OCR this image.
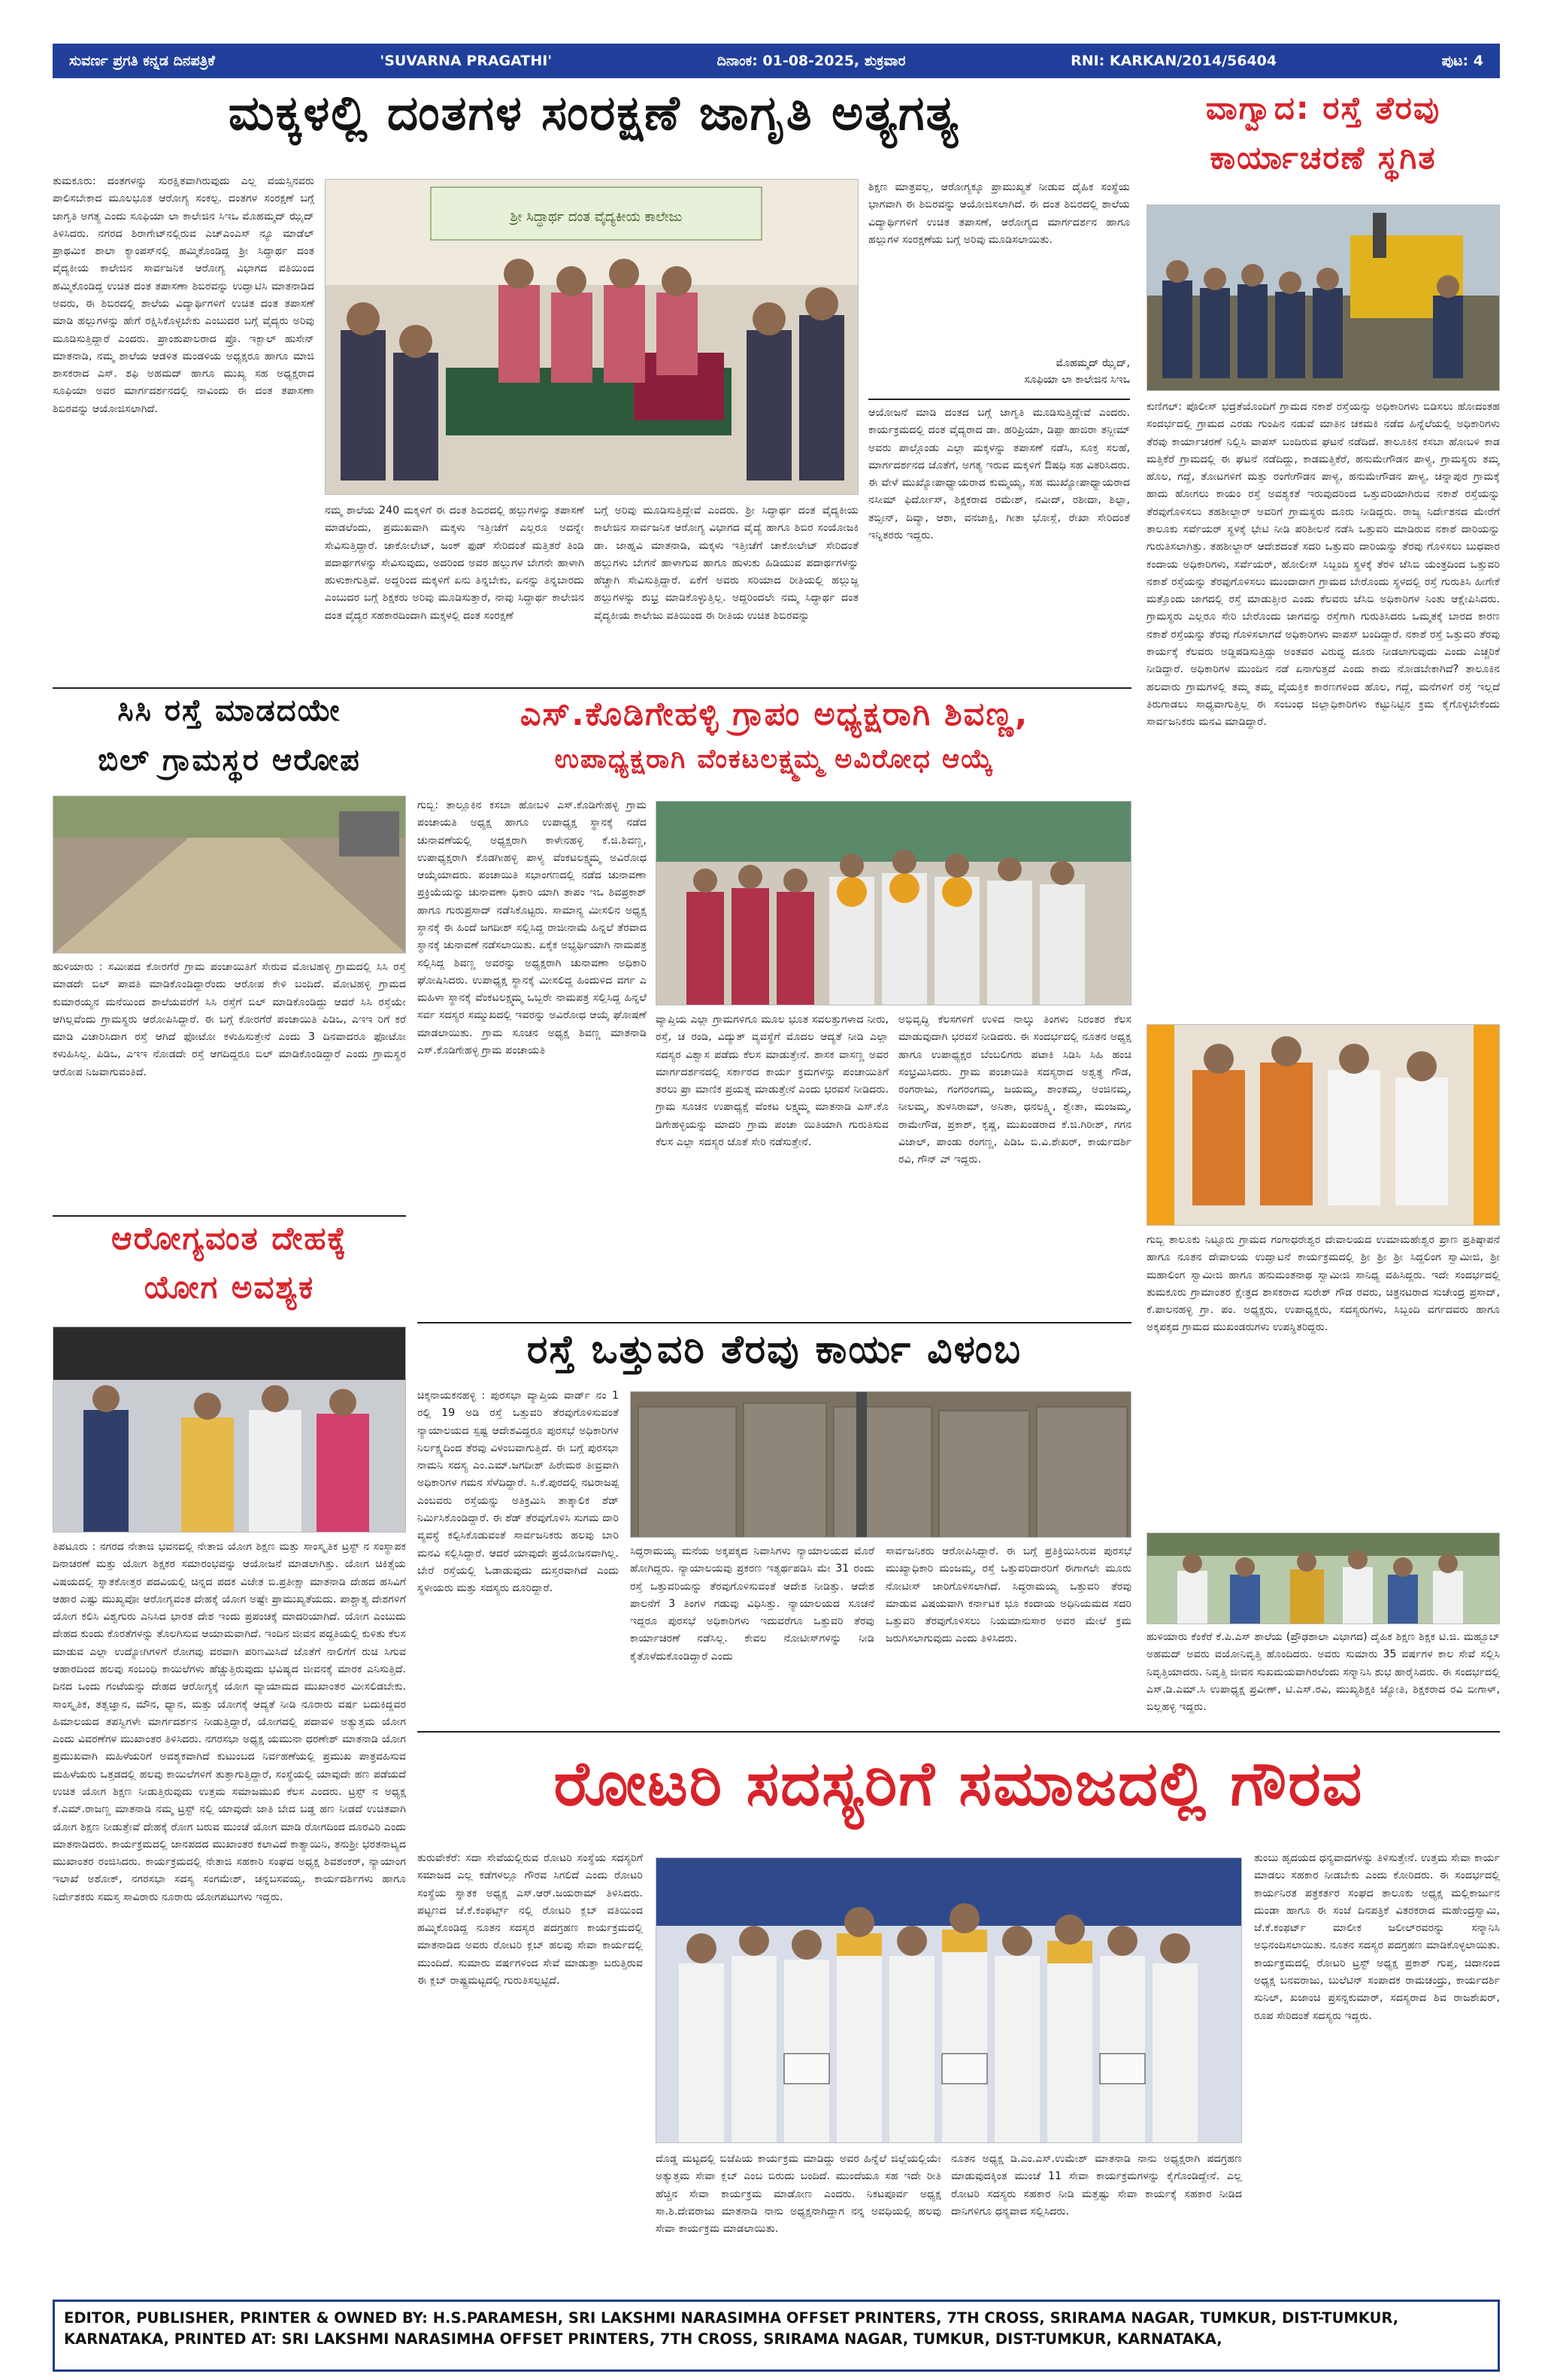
ಸುವರ್ಣ ಪ್ರಗತಿ ಕನ್ನಡ ದಿನಪತ್ರಿಕೆ	'SUVARNA PRAGATHI'	ದಿನಾಂಕ: 01-08-2025, ಶುಕ್ರವಾರ	RNI: KARKAN/2014/56404	ಪುಟ: 4
ಮಕ್ಕಳಲ್ಲಿ ದಂತಗಳ ಸಂರಕ್ಷಣೆ ಜಾಗೃತಿ ಅತ್ಯಗತ್ಯ
ತುಮಕೂರು: ದಂತಗಳನ್ನು ಸುರಕ್ಷಿತವಾಗಿರುವುದು ಎಲ್ಲ ವಯಸ್ಸಿನವರು ಪಾಲಿಸಬೇಕಾದ ಮೂಲಭೂತ ಆರೋಗ್ಯ ಸಂಕಲ್ಪ. ದಂತಗಳ ಸಂರಕ್ಷಣೆ ಬಗ್ಗೆ ಜಾಗೃತಿ ಅಗತ್ಯ ಎಂದು ಸೂಫಿಯಾ ಲಾ ಕಾಲೇಜಿನ ಸಿಇಒ ಮೊಹಮ್ಮದ್ ಝೈದ್ ತಿಳಿಸಿದರು. ನಗರದ ಶಿರಾಗೇಟ್‌ನಲ್ಲಿರುವ ಎಚ್‌ಎಂಎಸ್ ನ್ಯೂ ಮಾಡೆಲ್ ಪ್ರಾಥಮಿಕ ಶಾಲಾ ಕ್ಯಾಂಪಸ್‌ನಲ್ಲಿ ಹಮ್ಮಿಕೊಂಡಿದ್ದ ಶ್ರೀ ಸಿದ್ಧಾರ್ಥ ದಂತ ವೈದ್ಯಕೀಯ ಕಾಲೇಜಿನ ಸಾರ್ವಜನಿಕ ಆರೋಗ್ಯ ವಿಭಾಗದ ವತಿಯಿಂದ ಹಮ್ಮಿಕೊಂಡಿದ್ದ ಉಚಿತ ದಂತ ತಪಾಸಣಾ ಶಿಬಿರವನ್ನು ಉದ್ಘಾಟಿಸಿ ಮಾತನಾಡಿದ ಅವರು, ಈ ಶಿಬಿರದಲ್ಲಿ ಶಾಲೆಯ ವಿದ್ಯಾರ್ಥಿಗಳಿಗೆ ಉಚಿತ ದಂತ ತಪಾಸಣೆ ಮಾಡಿ ಹಲ್ಲುಗಳನ್ನು ಹೇಗೆ ರಕ್ಷಿಸಿಕೊಳ್ಳಬೇಕು ಎಂಬುದರ ಬಗ್ಗೆ ವೈದ್ಯರು ಅರಿವು ಮೂಡಿಸುತ್ತಿದ್ದಾರೆ ಎಂದರು. ಪ್ರಾಂಶುಪಾಲರಾದ ಪ್ರೊ. ಇಕ್ಬಾಲ್ ಹುಸೇನ್ ಮಾತನಾಡಿ, ನಮ್ಮ ಶಾಲೆಯ ಆಡಳಿತ ಮಂಡಳಿಯ ಅಧ್ಯಕ್ಷರೂ ಹಾಗೂ ಮಾಜಿ ಶಾಸಕರಾದ ಎಸ್. ಶಫಿ ಅಹಮದ್ ಹಾಗೂ ಮುಖ್ಯ ಸಹ ಅಧ್ಯಕ್ಷರಾದ ಸೂಫಿಯಾ ಅವರ ಮಾರ್ಗದರ್ಶನದಲ್ಲಿ ನಾವಿಂದು ಈ ದಂತ ತಪಾಸಣಾ ಶಿಬಿರವನ್ನು ಆಯೋಜಿಸಲಾಗಿದೆ.
ಶ್ರೀ ಸಿದ್ಧಾರ್ಥ ದಂತ ವೈದ್ಯಕೀಯ ಕಾಲೇಜು
ನಮ್ಮ ಶಾಲೆಯ 240 ಮಕ್ಕಳಿಗೆ ಈ ದಂತ ಶಿಬಿರದಲ್ಲಿ ಹಲ್ಲುಗಳನ್ನು ತಪಾಸಣೆ ಮಾಡಲೆಂದು, ಪ್ರಮುಖವಾಗಿ ಮಕ್ಕಳು ಇತ್ತೀಚೆಗೆ ಎಲ್ಲರೂ ಅದನ್ನೇ ಸೇವಿಸುತ್ತಿದ್ದಾರೆ. ಚಾಕೋಲೇಟ್, ಜಂಕ್ ಫುಡ್ ಸೇರಿದಂತೆ ಮತ್ತಿತರೆ ತಿಂಡಿ ಪದಾರ್ಥಗಳನ್ನು ಸೇವಿಸುವುದು, ಅದರಿಂದ ಅವರ ಹಲ್ಲುಗಳ ಬೇಗನೇ ಹಾಳಾಗಿ ಹುಳುಕಾಗುತ್ತಿವೆ. ಅದ್ದರಿಂದ ಮಕ್ಕಳಿಗೆ ಏನು ತಿನ್ನಬೇಕು, ಏನನ್ನು ತಿನ್ನಬಾರದು ಎಂಬುದರ ಬಗ್ಗೆ ಶಿಕ್ಷಕರು ಅರಿವು ಮೂಡಿಸುತ್ತಾರೆ, ನಾವು ಸಿದ್ಧಾರ್ಥ ಕಾಲೇಜಿನ ದಂತ ವೈದ್ಯರ ಸಹಕಾರದಿಂದಾಗಿ ಮಕ್ಕಳಲ್ಲಿ ದಂತ ಸಂರಕ್ಷಣೆ
ಬಗ್ಗೆ ಅರಿವು ಮೂಡಿಸುತ್ತಿದ್ದೇವೆ ಎಂದರು. ಶ್ರೀ ಸಿದ್ಧಾರ್ಥ ದಂತ ವೈದ್ಯಕೀಯ ಕಾಲೇಜಿನ ಸಾರ್ವಜನಿಕ ಆರೋಗ್ಯ ವಿಭಾಗದ ವೈದ್ಯೆ ಹಾಗೂ ಶಿಬಿರ ಸಂಯೋಜಕಿ ಡಾ. ಜಾಹ್ನವಿ ಮಾತನಾಡಿ, ಮಕ್ಕಳು ಇತ್ತೀಚೆಗೆ ಚಾಕೋಲೇಟ್ ಸೇರಿದಂತೆ ಹಲ್ಲುಗಳು ಬೇಗನೆ ಹಾಳಾಗುವ ಹಾಗೂ ಹುಳುಕು ಹಿಡಿಯುವ ಪದಾರ್ಥಗಳನ್ನು ಹೆಚ್ಚಾಗಿ ಸೇವಿಸುತ್ತಿದ್ದಾರೆ. ಏಕೆಗೆ ಅವರು ಸರಿಯಾದ ರೀತಿಯಲ್ಲಿ ಹಲ್ಲುಜ್ಜ ಹಲ್ಲುಗಳನ್ನು ಶುಭ್ರ ಮಾಡಿಕೊಳ್ಳುತ್ತಿಲ್ಲ. ಅದ್ದರಿಂದಲೇ ನಮ್ಮ ಸಿದ್ಧಾರ್ಥ ದಂತ ವೈದ್ಯಕೀಯ ಕಾಲೇಜು ವತಿಯಿಂದ ಈ ರೀತಿಯ ಉಚಿತ ಶಿಬಿರವನ್ನು
ಶಿಕ್ಷಣ ಮಾತ್ರವಲ್ಲ, ಆರೋಗ್ಯಕ್ಕೂ ಪ್ರಾಮುಖ್ಯತೆ ನೀಡುವ ದೈಹಿಕ ಸಂಸ್ಥೆಯ ಭಾಗವಾಗಿ ಈ ಶಿಬಿರವನ್ನು ಆಯೋಜಿಸಲಾಗಿದೆ. ಈ ದಂತ ಶಿಬಿರದಲ್ಲಿ ಶಾಲೆಯ ವಿದ್ಯಾರ್ಥಿಗಳಿಗೆ ಉಚಿತ ತಪಾಸಣೆ, ಆರೋಗ್ಯದ ಮಾರ್ಗದರ್ಶನ ಹಾಗೂ ಹಲ್ಲುಗಳ ಸಂರಕ್ಷಣೆಯ ಬಗ್ಗೆ ಅರಿವು ಮೂಡಿಸಲಾಯಿತು.
ಮೊಹಮ್ಮದ್ ಝೈದ್,
ಸೂಫಿಯಾ ಲಾ ಕಾಲೇಜಿನ ಸಿಇಒ
ಆಯೋಜನೆ ಮಾಡಿ ದಂತದ ಬಗ್ಗೆ ಜಾಗೃತಿ ಮೂಡಿಸುತ್ತಿದ್ದೇವೆ ಎಂದರು. ಕಾರ್ಯಕ್ರಮದಲ್ಲಿ ದಂತ ವೈದ್ಯರಾದ ಡಾ. ಹರಿಪ್ರಿಯಾ, ಡಿಪ್ಪಾ ಹಾಜಿರಾ ತನ್ಜೀಮ್ ಅವರು ಪಾಲ್ಗೊಂಡು ಎಲ್ಲಾ ಮಕ್ಕಳನ್ನು ತಪಾಸಣೆ ನಡೆಸಿ, ಸೂಕ್ತ ಸಲಹೆ, ಮಾರ್ಗದರ್ಶನದ ಜೊತೆಗೆ, ಅಗತ್ಯ ಇರುವ ಮಕ್ಕಳಿಗೆ ಔಷಧಿ ಸಹ ವಿತರಿಸಿದರು. ಈ ವೇಳೆ ಮುಖ್ಯೋಪಾಧ್ಯಾಯರಾದ ಕುಮ್ಮಯ್ಯ, ಸಹ ಮುಖ್ಯೋಪಾಧ್ಯಾಯರಾದ ನಸೀಮ್ ಫಿರ್ದೋಸ್, ಶಿಕ್ಷಕರಾದ ರಮೇಶ್, ನವೀದ್, ರಶೀದಾ, ಶಿಲ್ಪಾ, ತಬ್ಸೀನ್, ದಿವ್ಯಾ, ಆಶಾ, ವನಜಾಕ್ಷಿ, ಗೀತಾ ಭೋಸ್ಲೆ, ರೇಖಾ ಸೇರಿದಂತೆ ಇನ್ನಿತರರು ಇದ್ದರು.
ವಾಗ್ವಾದ: ರಸ್ತೆ ತೆರವು
ಕಾರ್ಯಾಚರಣೆ ಸ್ಥಗಿತ
ಕುಣಿಗಲ್: ಪೊಲೀಸ್ ಭದ್ರತೆಯೊಂದಿಗೆ ಗ್ರಾಮದ ನಕಾಶೆ ರಸ್ತೆಯನ್ನು ಅಧಿಕಾರಿಗಳು ಬಿಡಿಸಲು ಹೋದಂತಹ ಸಂದರ್ಭದಲ್ಲಿ ಗ್ರಾಮದ ಎರಡು ಗುಂಪಿನ ನಡುವೆ ಮಾತಿನ ಚಕಮಕಿ ನಡೆದ ಹಿನ್ನೆಲೆಯಲ್ಲಿ ಅಧಿಕಾರಿಗಳು ತೆರವು ಕಾರ್ಯಾಚರಣೆ ನಿಲ್ಲಿಸಿ ವಾಪಸ್ ಬಂದಿರುವ ಘಟನೆ ನಡೆದಿದೆ. ತಾಲೂಕಿನ ಕಸಬಾ ಹೋಬಳಿ ಕಾಡ ಮತ್ತಿಕೆರೆ ಗ್ರಾಮದಲ್ಲಿ ಈ ಘಟನೆ ನಡೆದಿದ್ದು, ಕಾಡಮತ್ತಿಕೆರೆ, ಹನುಮೇಗೌಡನ ಪಾಳ್ಯ, ಗ್ರಾಮಸ್ಥರು ತಮ್ಮ ಹೊಲ, ಗದ್ದೆ, ತೋಟಗಳಿಗೆ ಮತ್ತು ರಂಗೇಗೌಡನ ಪಾಳ್ಯ, ಹನುಮೇಗೌಡನ ಪಾಳ್ಯ, ಚನ್ನಾಪುರ ಗ್ರಾಮಕ್ಕೆ ಹಾದು ಹೋಗಲು ಕಾಯಂ ರಸ್ತೆ ಅವಶ್ಯಕತೆ ಇರುವುದರಿಂದ ಒತ್ತುವರಿಯಾಗಿರುವ ನಕಾಶೆ ರಸ್ತೆಯನ್ನು ತೆರವುಗೊಳಿಸಲು ತಹಶೀಲ್ದಾರ್ ಅವರಿಗೆ ಗ್ರಾಮಸ್ಥರು ದೂರು ನೀಡಿದ್ದರು. ರಾಜ್ಯ ನಿರ್ದೇಶನದ ಮೇರೆಗೆ ತಾಲೂಕು ಸರ್ವೆಯರ್ ಸ್ಥಳಕ್ಕೆ ಭೇಟಿ ನೀಡಿ ಪರಿಶೀಲನೆ ನಡೆಸಿ ಒತ್ತುವರಿ ಮಾಡಿರುವ ನಕಾಶೆ ದಾರಿಯನ್ನು ಗುರುತಿಸಲಾಗಿತ್ತು. ತಹಶೀಲ್ದಾರ್ ಆದೇಶದಂತೆ ಸದರಿ ಒತ್ತುವರಿ ದಾರಿಯನ್ನು ತೆರವು ಗೊಳಿಸಲು ಬುಧವಾರ ಕಂದಾಯ ಅಧಿಕಾರಿಗಳು, ಸರ್ವೆಯರ್, ಹೋಲೀಸ್ ಸಿಬ್ಬಂದಿ ಸ್ಥಳಕ್ಕೆ ತೆರಳಿ ಜೆಸಿಬಿ ಯಂತ್ರದಿಂದ ಒತ್ತುವರಿ ನಕಾಶೆ ರಸ್ತೆಯನ್ನು ತೆರವುಗೊಳಿಸಲು ಮುಂದಾದಾಗ ಗ್ರಾಮದ ಬೇರೊಂದು ಸ್ಥಳದಲ್ಲಿ ರಸ್ತೆ ಗುರುತಿಸಿ ಹೀಗೇಕೆ ಮತ್ತೊಂದು ಜಾಗದಲ್ಲಿ ರಸ್ತೆ ಮಾಡುತ್ತೀರ ಎಂದು ಕೆಲವರು ಜೆಸಿಬಿ ಅಧಿಕಾರಿಗಳ ನಿಂತು ಆಕ್ಷೇಪಿಸಿದರು. ಗ್ರಾಮಸ್ಥರು ಎಲ್ಲರೂ ಸೇರಿ ಬೇರೊಂದು ಜಾಗವನ್ನು ರಸ್ತೆಗಾಗಿ ಗುರುತಿಸಿದರು ಒಮ್ಮತಕ್ಕೆ ಬಾರದ ಕಾರಣ ನಕಾಶೆ ರಸ್ತೆಯನ್ನು ತೆರವು ಗೊಳಿಸಲಾಗದೆ ಅಧಿಕಾರಿಗಳು ವಾಪಸ್ ಬಂದಿದ್ದಾರೆ. ನಕಾಶೆ ರಸ್ತೆ ಒತ್ತುವರಿ ತೆರವು ಕಾರ್ಯಕ್ಕೆ ಕೆಲವರು ಅಡ್ಡಿಪಡಿಸುತ್ತಿದ್ದು ಅಂತವರ ವಿರುದ್ಧ ದೂರು ನೀಡಲಾಗುವುದು ಎಂದು ಎಚ್ಚರಿಕೆ ನೀಡಿದ್ದಾರೆ. ಅಧಿಕಾರಿಗಳ ಮುಂದಿನ ನಡೆ ಏನಾಗುತ್ತದೆ ಎಂದು ಕಾದು ನೋಡಬೇಕಾಗಿದೆ? ತಾಲೂಕಿನ ಹಲವಾರು ಗ್ರಾಮಗಳಲ್ಲಿ ತಮ್ಮ ತಮ್ಮ ವೈಯಕ್ತಿಕ ಕಾರಣಗಳಿಂದ ಹೊಲ, ಗದ್ದೆ, ಮನೆಗಳಿಗೆ ರಸ್ತೆ ಇಲ್ಲದೆ ತಿರುಗಾಡಲು ಸಾಧ್ಯವಾಗುತ್ತಿಲ್ಲ ಈ ಸಂಬಂಧ ಜಿಲ್ಲಾಧಿಕಾರಿಗಳು ಕಟ್ಟುನಿಟ್ಟಿನ ಕ್ರಮ ಕೈಗೊಳ್ಳಬೇಕೆಂದು ಸಾರ್ವಜನಿಕರು ಮನವಿ ಮಾಡಿದ್ದಾರೆ.
ಸಿಸಿ ರಸ್ತೆ ಮಾಡದಯೇ
ಬಿಲ್ ಗ್ರಾಮಸ್ಥರ ಆರೋಪ
ಹುಳಿಯಾರು : ಸಮೀಪದ ಕೋರಗೆರೆ ಗ್ರಾಮ ಪಂಚಾಯಿತಿಗೆ ಸೇರುವ ಮೋಟಿಹಳ್ಳಿ ಗ್ರಾಮದಲ್ಲಿ ಸಿಸಿ ರಸ್ತೆ ಮಾಡದೇ ಬಿಲ್ ಪಾವತಿ ಮಾಡಿಕೊಂಡಿದ್ದಾರೆಂದು ಆರೋಪ ಕೇಳಿ ಬಂದಿದೆ. ಮೋಟಿಹಳ್ಳಿ ಗ್ರಾಮದ ಕುಮಾರಯ್ಯನ ಮನೆಯಿಂದ ಶಾಲೆಯವರೆಗೆ ಸಿಸಿ ರಸ್ತೆಗೆ ಬಿಲ್ ಮಾಡಿಕೊಂಡಿದ್ದು ಆದರೆ ಸಿಸಿ ರಸ್ತೆಯೇ ಆಗಿಲ್ಲವೆಂದು ಗ್ರಾಮಸ್ಥರು ಆರೋಪಿಸಿದ್ದಾರೆ. ಈ ಬಗ್ಗೆ ಕೋರಗೆರೆ ಪಂಚಾಯಿತಿ ಪಿಡಿಒ, ಎಇಇ ರಿಗೆ ಕರೆ ಮಾಡಿ ವಿಚಾರಿಸಿದಾಗ ರಸ್ತೆ ಆಗಿದೆ ಫೋಟೋ ಕಳುಹಿಸುತ್ತೇನೆ ಎಂದು 3 ದಿನವಾದರೂ ಫೋಟೋ ಕಳುಹಿಸಿಲ್ಲ. ಪಿಡಿಒ, ಎಇಇ ನೋಡದೇ ರಸ್ತೆ ಆಗದಿದ್ದರೂ ಬಿಲ್ ಮಾಡಿಕೊಂಡಿದ್ದಾರೆ ಎಂದು ಗ್ರಾಮಸ್ಥರ ಆರೋಪ ನಿಜವಾಗುವಂತಿದೆ.
ಎಸ್.ಕೊಡಿಗೇಹಳ್ಳಿ ಗ್ರಾಪಂ ಅಧ್ಯಕ್ಷರಾಗಿ ಶಿವಣ್ಣ,
ಉಪಾಧ್ಯಕ್ಷರಾಗಿ ವೆಂಕಟಲಕ್ಷ್ಮಮ್ಮ ಅವಿರೋಧ ಆಯ್ಕೆ
ಗುಬ್ಬಿ: ತಾಲ್ಲೂಕಿನ ಕಸಬಾ ಹೋಬಳಿ ಎಸ್.ಕೊಡಿಗೇಹಳ್ಳಿ ಗ್ರಾಮ ಪಂಚಾಯತಿ ಅಧ್ಯಕ್ಷ ಹಾಗೂ ಉಪಾಧ್ಯಕ್ಷ ಸ್ಥಾನಕ್ಕೆ ನಡೆದ ಚುನಾವಣೆಯಲ್ಲಿ ಅಧ್ಯಕ್ಷರಾಗಿ ಕಾಳೇನಹಳ್ಳಿ ಕೆ.ಜಿ.ಶಿವಣ್ಣ, ಉಪಾಧ್ಯಕ್ಷರಾಗಿ ಕೊಡಗೀಹಳ್ಳಿ ಪಾಳ್ಯ ವೆಂಕಟಲಕ್ಷ್ಮಮ್ಮ ಅವಿರೋಧ ಆಯ್ಕೆಯಾದರು. ಪಂಚಾಯಿತಿ ಸಭಾಂಗಣದಲ್ಲಿ ನಡೆದ ಚುನಾವಣಾ ಪ್ರಕ್ರಿಯೆಯನ್ನು ಚುನಾವಣಾ ಧಿಕಾರಿ ಯಾಗಿ ತಾಪಂ ಇಒ ಶಿವಪ್ರಕಾಶ್ ಹಾಗೂ ಗುರುಪ್ರಸಾದ್ ನಡೆಸಿಕೊಟ್ಟರು. ಸಾಮಾನ್ಯ ಮೀಸಲಿನ ಅಧ್ಯಕ್ಷ ಸ್ಥಾನಕ್ಕೆ ಈ ಹಿಂದೆ ಜಗದೀಶ್ ಸಲ್ಲಿಸಿದ್ದ ರಾಜೀನಾಮೆ ಹಿನ್ನಲೆ ತೆರವಾದ ಸ್ಥಾನಕ್ಕೆ ಚುನಾವಣೆ ನಡೆಸಲಾಯಿತು. ಏಕೈಕ ಅಭ್ಯರ್ಥಿಯಾಗಿ ನಾಮಪತ್ರ ಸಲ್ಲಿಸಿದ್ದ ಶಿವಣ್ಣ ಅವರನ್ನು ಅಧ್ಯಕ್ಷರಾಗಿ ಚುನಾವಣಾ ಅಧಿಕಾರಿ ಘೋಷಿಸಿದರು. ಉಪಾಧ್ಯಕ್ಷ ಸ್ಥಾನಕ್ಕೆ ಮೀಸಲಿದ್ದ ಹಿಂದುಳಿದ ವರ್ಗ ಎ ಮಹಿಳಾ ಸ್ಥಾನಕ್ಕೆ ವೆಂಕಟಲಕ್ಷ್ಮಮ್ಮ ಒಬ್ಬರೇ ನಾಮಪತ್ರ ಸಲ್ಲಿಸಿದ್ದ ಹಿನ್ನಲೆ ಸರ್ವ ಸದಸ್ಯರ ಸಮ್ಮುಖದಲ್ಲಿ ಇವರನ್ನು ಅವಿರೋಧ ಆಯ್ಕೆ ಘೋಷಣೆ ಮಾಡಲಾಯಿತು. ಗ್ರಾಮ ಸೂಚನ ಅಧ್ಯಕ್ಷ ಶಿವಣ್ಣ ಮಾತನಾಡಿ ಎಸ್.ಕೊಡಿಗೇಹಳ್ಳಿ ಗ್ರಾಮ ಪಂಚಾಯತಿ
ವ್ಯಾಪ್ತಿಯ ಎಲ್ಲಾ ಗ್ರಾಮಗಳಿಗೂ ಮೂಲ ಭೂತ ಸವಲತ್ತುಗಳಾದ ನೀರು, ರಸ್ತೆ, ಚ ರಂಡಿ, ವಿದ್ಯುತ್ ವ್ಯವಸ್ಥೆಗೆ ಮೊದಲ ಆದ್ಯತೆ ನೀಡಿ ಎಲ್ಲಾ ಸದಸ್ಯರ ವಿಶ್ವಾಸ ಪಡೆದು ಕೆಲಸ ಮಾಡುತ್ತೇನೆ. ಶಾಸಕ ವಾಸಣ್ಣ ಅವರ ಮಾರ್ಗದರ್ಶನದಲ್ಲಿ ಸರ್ಕಾರದ ಕಾರ್ಯ ಕ್ರಮಗಳನ್ನು ಪಂಚಾಯಿತಿಗೆ ತರಲು ಪ್ರಾ ಮಾಣಿಕ ಪ್ರಯತ್ನ ಮಾಡುತ್ತೇನೆ ಎಂದು ಭರವಸೆ ನೀಡಿದರು. ಗ್ರಾಮ ಸೂಚನ ಉಪಾಧ್ಯಕ್ಷೆ ವೆಂಕಟ ಲಕ್ಷ್ಮಮ್ಮ ಮಾತನಾಡಿ ಎಸ್.ಕೊ ಡಿಗೇಹಳ್ಳಿಯನ್ನು ಮಾದರಿ ಗ್ರಾಮ ಪಂಚಾ ಯಿತಿಯಾಗಿ ಗುರುತಿಸುವ ಕೆಲಸ ಎಲ್ಲಾ ಸದಸ್ಯರ ಜೊತೆ ಸೇರಿ ನಡೆಸುತ್ತೇನೆ.
ಅಭಿವೃದ್ಧಿ ಕೆಲಸಗಳಿಗೆ ಉಳಿದ ನಾಲ್ಕು ತಿಂಗಳು ನಿರಂತರ ಕೆಲಸ ಮಾಡುವುದಾಗಿ ಭರವಸೆ ನೀಡಿದರು. ಈ ಸಂದರ್ಭದಲ್ಲಿ ನೂತನ ಅಧ್ಯಕ್ಷ ಹಾಗೂ ಉಪಾಧ್ಯಕ್ಷರ ಬೆಂಬಲಿಗರು ಪಟಾಕಿ ಸಿಡಿಸಿ ಸಿಹಿ ಹಂಚಿ ಸಂಭ್ರಮಿಸಿದರು. ಗ್ರಾಮ ಪಂಚಾಯಿತಿ ಸದಸ್ಯರಾದ ಅಶ್ವತ್ಥ ಗೌಡ, ರಂಗರಾಜು, ಗಂಗರಂಗಮ್ಮ, ಜಯಮ್ಮ, ಶಾಂತಮ್ಮ, ಅಂಜಿನಮ್ಮ, ನೀಲಮ್ಮ, ತುಳಸಿರಾಮ್, ಅನಿತಾ, ಧನಲಕ್ಷ್ಮಿ, ಶ್ವೇತಾ, ಮಂಜಮ್ಮ, ರಾಮೇಗೌಡ, ಪ್ರಕಾಶ್, ಕೃಷ್ಣ, ಮುಖಂಡರಾದ ಕೆ.ಜಿ.ಗಿರೀಶ್, ಗಗನ ವಿಜಾಲ್, ಪಾಂಡು ರಂಗಣ್ಣ, ಪಿಡಿಒ ಬಿ.ವಿ.ಶೇಖರ್, ಕಾರ್ಯದರ್ಶಿ ರವಿ, ಗೌನ್ ಎ್ ಇದ್ದರು.
ಗುಬ್ಬಿ ತಾಲೂಕು ನಿಟ್ಟೂರು ಗ್ರಾಮದ ಗಂಗಾಧರೇಶ್ವರ ದೇವಾಲಯದ ಉಮಾಮಹೇಶ್ವರ ಪ್ರಾಣ ಪ್ರತಿಷ್ಠಾಪನೆ ಹಾಗೂ ನೂತನ ದೇವಾಲಯ ಉದ್ಘಾಟನೆ ಕಾರ್ಯಕ್ರಮದಲ್ಲಿ ಶ್ರೀ ಶ್ರೀ ಶ್ರೀ ಸಿದ್ದಲಿಂಗ ಸ್ವಾಮೀಜಿ, ಶ್ರೀ ಮಹಾಲಿಂಗ ಸ್ವಾಮೀಜಿ ಹಾಗೂ ಹನುಮಂತನಾಥ ಸ್ವಾಮೀಜಿ ಸಾನಿಧ್ಯ ವಹಿಸಿದ್ದರು. ಇದೇ ಸಂದರ್ಭದಲ್ಲಿ ತುಮಕೂರು ಗ್ರಾಮಾಂತರ ಕ್ಷೇತ್ರದ ಶಾಸಕರಾದ ಸುರೇಶ್ ಗೌಡ ರವರು, ಚಿತ್ರನಟರಾದ ಸುಚೇಂದ್ರ ಪ್ರಸಾದ್, ಕೆ.ಪಾಲನಹಳ್ಳಿ ಗ್ರಾ. ಪಂ. ಅಧ್ಯಕ್ಷರು, ಉಪಾಧ್ಯಕ್ಷರು, ಸದಸ್ಯರುಗಳು, ಸಿಬ್ಬಂದಿ ವರ್ಗದವರು ಹಾಗೂ ಅಕ್ಕಪಕ್ಕದ ಗ್ರಾಮದ ಮುಖಂಡರುಗಳು ಉಪಸ್ಥಿತರಿದ್ದರು.
ಆರೋಗ್ಯವಂತ ದೇಹಕ್ಕೆ
ಯೋಗ ಅವಶ್ಯಕ
ತಿಪಟೂರು : ನಗರದ ನೇತಾಜಿ ಭವನದಲ್ಲಿ ನೇತಾಜಿ ಯೋಗ ಶಿಕ್ಷಣ ಮತ್ತು ಸಾಂಸ್ಕೃತಿಕ ಟ್ರಸ್ಟ್ ನ ಸಂಸ್ಥಾಪಕ ದಿನಾಚರಣೆ ಮತ್ತು ಯೋಗ ಶಿಕ್ಷಕರ ಸಮಾರಂಭವನ್ನು ಆಯೋಜನೆ ಮಾಡಲಾಗಿತ್ತು. ಯೋಗ ಚಿಕಿತ್ಸೆಯ ವಿಷಯದಲ್ಲಿ ಸ್ನಾತಕೋತ್ತರ ಪದವಿಯಲ್ಲಿ ಚಿನ್ನದ ಪದಕ ವಿಜೇತ ಬಿ.ಪ್ರತೀಕ್ಷಾ ಮಾತನಾಡಿ ದೇಹದ ಹಸಿವಿಗೆ ಆಹಾರ ಎಷ್ಟು ಮುಖ್ಯವೋ ಆರೋಗ್ಯವಂತ ದೇಹಕ್ಕೆ ಯೋಗ ಅಷ್ಟೇ ಪ್ರಾಮುಖ್ಯತೆಯದು. ಪಾಶ್ಚಾತ್ಯ ದೇಶಗಳಿಗೆ ಯೋಗ ಕಲಿಸಿ ವಿಶ್ವಗುರು ಎನಿಸಿದ ಭಾರತ ದೇಶ ಇಂದು ಪ್ರಪಂಚಕ್ಕೆ ಮಾದರಿಯಾಗಿದೆ. ಯೋಗ ಎಂಬುದು ದೇಹದ ಕುಂದು ಕೊರತೆಗಳನ್ನು ತೊಲಗಿಸುವ ಆಯಾಮವಾಗಿದೆ. ಇಂದಿನ ಜೀವನ ಪದ್ಧತಿಯಲ್ಲಿ ಕುಳಿತು ಕೆಲಸ ಮಾಡುವ ಎಲ್ಲಾ ಉದ್ಯೋಗಿಗಳಿಗೆ ರೋಗವು ವರವಾಗಿ ಪರಿಣಮಿಸಿದೆ ಜೊತೆಗೆ ನಾಲಿಗೆಗೆ ರುಚಿ ಸಿಗುವ ಆಹಾರದಿಂದ ಹಲವು ಸಂಬಂಧಿ ಕಾಯಿಲೆಗಳು ಹೆಚ್ಚುತ್ತಿರುವುದು ಭವಿಷ್ಯದ ಜೀವನಕ್ಕೆ ಮಾರಕ ಎನಿಸುತ್ತಿದೆ. ದಿನದ ಒಂದು ಗಂಟೆಯನ್ನು ದೇಹದ ಆರೋಗ್ಯಕ್ಕೆ ಯೋಗ ವ್ಯಾಯಾಮದ ಮುಖಾಂತರ ಮೀಸಲಿಡಬೇಕು. ಸಾಂಸ್ಕೃತಿಕ, ತತ್ವಜ್ಞಾನ, ಮೌನ, ಧ್ಯಾನ, ಮತ್ತು ಯೋಗಕ್ಕೆ ಆದ್ಯತೆ ನೀಡಿ ನೂರಾರು ವರ್ಷ ಬದುಕಿದ್ದವರ ಹಿಮಾಲಯದ ತಪಸ್ವಿಗಳೇ ಮಾರ್ಗದರ್ಶನ ನೀಡುತ್ತಿದ್ದಾರೆ, ಯೋಗದಲ್ಲಿ ಪದಾವಳಿ ಅತ್ಯುತ್ತಮ ಯೋಗ ಎಂದು ವಿವರಣೆಗಳ ಮುಖಾಂತರ ತಿಳಿಸಿದರು. ನಗರಸಭಾ ಅಧ್ಯಕ್ಷ ಯಮುನಾ ಧರಣೇಶ್ ಮಾತನಾಡಿ ಯೋಗ ಪ್ರಮುಖವಾಗಿ ಮಹಿಳೆಯರಿಗೆ ಅವಶ್ಯಕವಾಗಿದೆ ಕುಟುಂಬದ ನಿರ್ವಹಣೆಯಲ್ಲಿ ಪ್ರಮುಖ ಪಾತ್ರವಹಿಸುವ ಮಹಿಳೆಯರು ಒತ್ತಡದಲ್ಲಿ ಹಲವು ಕಾಯಿಲೆಗಳಿಗೆ ತುತ್ತಾಗುತ್ತಿದ್ದಾರೆ, ಸಂಸ್ಥೆಯಲ್ಲಿ ಯಾವುದೇ ಹಣ ಪಡೆಯದೆ ಉಚಿತ ಯೋಗ ಶಿಕ್ಷಣ ನೀಡುತ್ತಿರುವುದು ಉತ್ತಮ ಸಮಾಜಮುಖಿ ಕೆಲಸ ಎಂದರು. ಟ್ರಸ್ಟ್ ನ ಅಧ್ಯಕ್ಷ ಕೆ.ಎಮ್.ರಾಜಣ್ಣ ಮಾತನಾಡಿ ನಮ್ಮ ಟ್ರಸ್ಟ್ ನಲ್ಲಿ ಯಾವುದೇ ಜಾತಿ ಬೇದ ಬಡ್ಡ ಹಣ ನೀಡದೆ ಉಚಿತವಾಗಿ ಯೋಗ ಶಿಕ್ಷಣ ನೀಡುತ್ತೇವೆ ದೇಹಕ್ಕೆ ರೋಗ ಬರುವ ಮುಂಚೆ ಯೋಗ ಮಾಡಿ ರೋಗದಿಂದ ದೂರವಿರಿ ಎಂದು ಮಾತನಾಡಿದರು. ಕಾರ್ಯಕ್ರಮದಲ್ಲಿ ಜಾನಪದದ ಮುಖಾಂತರ ಕಲಾವಿದೆ ಕಾತ್ಯಾಯಿನಿ, ತನುಶ್ರೀ ಭರತನಾಟ್ಯದ ಮುಖಾಂತರ ರಂಜಿಸಿದರು. ಕಾರ್ಯಕ್ರಮದಲ್ಲಿ ನೇತಾಜಿ ಸಹಕಾರಿ ಸಂಘದ ಅಧ್ಯಕ್ಷ ಶಿವಶಂಕರ್, ನ್ಯಾಯಾಂಗ ಇಲಾಖೆ ಅಶೋಕ್, ನಗರಸಭಾ ಸದಸ್ಯ ಸಂಗಮೇಶ್, ಚನ್ನಬಸವಯ್ಯ, ಕಾರ್ಯದರ್ಶಿಗಳು ಹಾಗೂ ನಿರ್ದೇಶಕರು ಸಮಸ್ತ ಸಾವಿರಾರು ನೂರಾರು ಯೋಗಪಟುಗಳು ಇದ್ದರು.
ರಸ್ತೆ ಒತ್ತುವರಿ ತೆರವು ಕಾರ್ಯ ವಿಳಂಬ
ಚಿಕ್ಕನಾಯಕನಹಳ್ಳಿ : ಪುರಸಭಾ ವ್ಯಾಪ್ತಿಯ ವಾರ್ಡ್ ನಂ 1 ರಲ್ಲಿ 19 ಅಡಿ ರಸ್ತೆ ಒತ್ತುವರಿ ತೆರವುಗೊಳಿಸುವಂತೆ ನ್ಯಾಯಾಲಯದ ಸ್ಪಷ್ಟ ಆದೇಶವಿದ್ದರೂ ಪುರಸಭೆ ಅಧಿಕಾರಿಗಳ ನಿರ್ಲಕ್ಷ್ಯದಿಂದ ತೆರವು ವಿಳಂಬವಾಗುತ್ತಿದೆ. ಈ ಬಗ್ಗೆ ಪುರಸಭಾ ನಾಮನಿ ಸದಸ್ಯ ಎಂ.ಎಮ್.ಜಗದೀಶ್ ಹಿರೇಮಠ ತೀವ್ರವಾಗಿ ಅಧಿಕಾರಿಗಳ ಗಮನ ಸೆಳೆದಿದ್ದಾರೆ. ಸಿ.ಕೆ.ಪುರದಲ್ಲಿ ನಟರಾಜಪ್ಪ ಎಂಬವರು ರಸ್ತೆಯನ್ನು ಅತಿಕ್ರಮಿಸಿ ತಾತ್ಕಾಲಿಕ ಶೆಡ್ ನಿರ್ಮಿಸಿಕೊಂಡಿದ್ದಾರೆ. ಈ ಶೆಡ್ ತೆರವುಗೊಳಿಸಿ ಸುಗಮ ದಾರಿ ವ್ಯವಸ್ಥೆ ಕಲ್ಪಿಸಿಕೊಡುವಂತೆ ಸಾರ್ವಜನಿಕರು ಹಲವು ಬಾರಿ ಮನವಿ ಸಲ್ಲಿಸಿದ್ದಾರೆ. ಆದರೆ ಯಾವುದೇ ಪ್ರಯೋಜನವಾಗಿಲ್ಲ. ಬೇರೆ ರಸ್ತೆಯಲ್ಲಿ ಓಡಾಡುವುದು ದುಸ್ತರವಾಗಿದೆ ಎಂದು ಸ್ಥಳೀಯರು ಮತ್ತು ಸದಸ್ಯರು ದೂರಿದ್ದಾರೆ.
ಸಿದ್ಧರಾಮಯ್ಯ ಮನೆಯ ಅಕ್ಕಪಕ್ಕದ ನಿವಾಸಿಗಳು ನ್ಯಾಯಾಲಯದ ಮೊರೆ ಹೋಗಿದ್ದರು. ನ್ಯಾಯಾಲಯವು ಪ್ರಕರಣ ಇತ್ಯರ್ಥಪಡಿಸಿ ಮೇ 31 ರಂದು ರಸ್ತೆ ಒತ್ತುವರಿಯನ್ನು ತೆರವುಗೊಳಿಸುವಂತೆ ಆದೇಶ ನೀಡಿತ್ತು. ಆದೇಶ ಪಾಲನೆಗೆ 3 ತಿಂಗಳ ಗಡುವು ವಿಧಿಸಿತ್ತು. ನ್ಯಾಯಾಲಯದ ಸೂಚನೆ ಇದ್ದರೂ ಪುರಸಭೆ ಅಧಿಕಾರಿಗಳು ಇದುವರೆಗೂ ಒತ್ತುವರಿ ತೆರವು ಕಾರ್ಯಾಚರಣೆ ನಡೆಸಿಲ್ಲ. ಕೇವಲ ನೋಟೀಸ್‌ಗಳನ್ನು ನೀಡಿ ಕೈತೊಳೆದುಕೊಂಡಿದ್ದಾರೆ ಎಂದು
ಸಾರ್ವಜನಿಕರು ಆರೋಪಿಸಿದ್ದಾರೆ. ಈ ಬಗ್ಗೆ ಪ್ರತಿಕ್ರಿಯಿಸಿರುವ ಪುರಸಭೆ ಮುಖ್ಯಾಧಿಕಾರಿ ಮಂಜಮ್ಮ, ರಸ್ತೆ ಒತ್ತುವರಿದಾರರಿಗೆ ಈಗಾಗಲೇ ಮೂರು ನೋಟೀಸ್ ಜಾರಿಗೊಳಿಸಲಾಗಿದೆ. ಸಿದ್ಧರಾಮಯ್ಯ ಒತ್ತುವರಿ ತೆರವು ಮಾಡುವ ವಿಷಯವಾಗಿ ಕರ್ನಾಟಕ ಭೂ ಕಂದಾಯ ಅಧಿನಿಯಮದ ಸದರಿ ಒತ್ತುವರಿ ತೆರವುಗೊಳಿಸಲು ನಿಯಮಾನುಸಾರ ಅವರ ಮೇಲೆ ಕ್ರಮ ಜರುಗಿಸಲಾಗುವುದು ಎಂದು ತಿಳಿಸಿದರು.	ಹುಳಿಯಾರು ಕೆಂಕೆರೆ ಕೆ.ಪಿ.ಎಸ್ ಶಾಲೆಯ (ಪ್ರೌಢಶಾಲಾ ವಿಭಾಗದ) ದೈಹಿಕ ಶಿಕ್ಷಣ ಶಿಕ್ಷಕ ಟಿ.ಜಿ. ಮಹ್ಬೂಬ್ ಅಹಮದ್ ಅವರು ವಯೋನಿವೃತ್ತಿ ಹೊಂದಿದರು. ಅವರು ಸುಮಾರು 35 ವರ್ಷಗಳ ಕಾಲ ಸೇವೆ ಸಲ್ಲಿಸಿ ನಿವೃತ್ತಿಯಾದರು. ನಿವೃತ್ತಿ ಜೀವನ ಸುಖಮಯವಾಗಿರಲೆಂದು ಸನ್ಮಾನಿಸಿ ಶುಭ ಹಾರೈಸಿದರು. ಈ ಸಂದರ್ಭದಲ್ಲಿ ಎಸ್.ಡಿ.ಎಮ್.ಸಿ ಉಪಾಧ್ಯಕ್ಷ ಪ್ರವೀಣ್, ಟಿ.ಎಸ್.ರವಿ, ಮುಖ್ಯಶಿಕ್ಷಕಿ ಜ್ಯೋತಿ, ಶಿಕ್ಷಕರಾದ ರವಿ ಬೀಗಾಳ್, ಬಿಲ್ಲಹಳ್ಳಿ ಇದ್ದರು.
ರೋಟರಿ ಸದಸ್ಯರಿಗೆ ಸಮಾಜದಲ್ಲಿ ಗೌರವ
ತುರುವೇಕೆರೆ: ಸದಾ ಸೇವೆಯಲ್ಲಿರುವ ರೋಟರಿ ಸಂಸ್ಥೆಯ ಸದಸ್ಯರಿಗೆ ಸಮಾಜದ ಎಲ್ಲ ಕಡೆಗಳಲ್ಲೂ ಗೌರವ ಸಿಗಲಿದೆ ಎಂದು ರೋಟರಿ ಸಂಸ್ಥೆಯ ಸ್ನಾತಕ ಅಧ್ಯಕ್ಷ ಎಸ್.ಆರ್.ಜಯರಾಮ್ ತಿಳಿಸಿದರು. ಪಟ್ಟಣದ ಜೆ.ಕೆ.ಕಂಫರ್ಟ್ಸ್ ನಲ್ಲಿ ರೋಟರಿ ಕ್ಲಬ್ ವತಿಯಿಂದ ಹಮ್ಮಿಕೊಂಡಿದ್ದ ನೂತನ ಸದಸ್ಯರ ಪದಗ್ರಹಣ ಕಾರ್ಯಕ್ರಮದಲ್ಲಿ ಮಾತನಾಡಿದ ಅವರು ರೋಟರಿ ಕ್ಲಬ್ ಹಲವು ಸೇವಾ ಕಾರ್ಯದಲ್ಲಿ ಮುಂದಿದೆ. ಸುಮಾರು ವರ್ಷಗಳಿಂದ ಸೇವೆ ಮಾಡುತ್ತಾ ಬರುತ್ತಿರುವ ಈ ಕ್ಲಬ್ ರಾಷ್ಟ್ರಮಟ್ಟದಲ್ಲಿ ಗುರುತಿಸಲ್ಪಟ್ಟಿದೆ.
ದೊಡ್ಡ ಮಟ್ಟದಲ್ಲಿ ಬಿಜೆಪಿಯ ಕಾರ್ಯಕ್ರಮ ಮಾಡಿದ್ದು ಅವರ ಹಿನ್ನೆಲೆ ಜಿಲ್ಲೆಯಲ್ಲಿಯೇ ಅತ್ಯುತ್ತಮ ಸೇವಾ ಕ್ಲಬ್ ಎಂಬ ಬಿರುದು ಬಂದಿದೆ. ಮುಂದೆಯೂ ಸಹ ಇದೇ ರೀತಿ ಹೆಚ್ಚಿನ ಸೇವಾ ಕಾರ್ಯಕ್ರಮ ಮಾಡೋಣ ಎಂದರು. ನಿಕಟಪೂರ್ವ ಅಧ್ಯಕ್ಷ ಸಾ.ಶಿ.ದೇವರಾಜು ಮಾತನಾಡಿ ನಾನು ಅಧ್ಯಕ್ಷನಾಗಿದ್ದಾಗ ನನ್ನ ಅವಧಿಯಲ್ಲಿ ಹಲವು ಸೇವಾ ಕಾರ್ಯಕ್ರಮ ಮಾಡಲಾಯಿತು.
ನೂತನ ಅಧ್ಯಕ್ಷ ಡಿ.ಎಂ.ಎಸ್.ಉಮೇಶ್ ಮಾತನಾಡಿ ನಾನು ಅಧ್ಯಕ್ಷರಾಗಿ ಪದಗ್ರಹಣ ಮಾಡುವುದಕ್ಕಿಂತ ಮುಂಚೆ 11 ಸೇವಾ ಕಾರ್ಯಕ್ರಮಗಳನ್ನು ಕೈಗೊಂಡಿದ್ದೇನೆ. ಎಲ್ಲ ರೋಟರಿ ಸದಸ್ಯರು ಸಹಕಾರ ನೀಡಿ ಮತ್ತಷ್ಟು ಸೇವಾ ಕಾರ್ಯಕ್ಕೆ ಸಹಕಾರ ನೀಡಿದ ದಾನಿಗಳಿಗೂ ಧನ್ಯವಾದ ಸಲ್ಲಿಸಿದರು.
ತುಂಬು ಹೃದಯದ ಧನ್ಯವಾದಗಳನ್ನು ತಿಳಿಸುತ್ತೇನೆ. ಉತ್ತಮ ಸೇವಾ ಕಾರ್ಯ ಮಾಡಲು ಸಹಕಾರ ನೀಡಬೇಕು ಎಂದು ಕೋರಿದರು. ಈ ಸಂದರ್ಭದಲ್ಲಿ ಕಾರ್ಯನಿರತ ಪತ್ರಕರ್ತರ ಸಂಘದ ತಾಲೂಕು ಅಧ್ಯಕ್ಷ ಮಲ್ಲಿಕಾರ್ಜುನ ದುಂಡಾ ಹಾಗೂ ಈ ಸಂಜೆ ದಿನಪತ್ರಿಕೆ ವಿತರಕರಾದ ಮಹೇಂದ್ರಸ್ವಾಮಿ, ಜೆ.ಕೆ.ಕಂಫರ್ಟ್ ಮಾಲೀಕ ಜಲೀಲ್‌ರವರನ್ನು ಸನ್ಮಾನಿಸಿ ಅಭಿನಂದಿಸಲಾಯಿತು. ನೂತನ ಸದಸ್ಯರ ಪದಗ್ರಹಣ ಮಾಡಿಕೊಳ್ಳಲಾಯಿತು. ಕಾರ್ಯಕ್ರಮದಲ್ಲಿ ರೋಟರಿ ಟ್ರಸ್ಟ್ ಅಧ್ಯಕ್ಷ ಪ್ರಕಾಶ್ ಗುಪ್ತ, ಚಿದಾನಂದ ಅಧ್ಯಕ್ಷ ಬನವರಾಜು, ಬುಲೆಟಿನ್ ಸಂಪಾದಕ ರಾಮಚಂದ್ರು, ಕಾರ್ಯದರ್ಶಿ ಸುನಿಲ್, ಖಜಾಂಚಿ ಪ್ರಸನ್ನಕುಮಾರ್, ಸದಸ್ಯರಾದ ಶಿವ ರಾಜಶೇಖರ್, ರೂಪ ಸೇರಿದಂತೆ ಸದಸ್ಯರು ಇದ್ದರು.
EDITOR, PUBLISHER, PRINTER & OWNED BY: H.S.PARAMESH, SRI LAKSHMI NARASIMHA OFFSET PRINTERS, 7TH CROSS, SRIRAMA NAGAR, TUMKUR, DIST-TUMKUR,
KARNATAKA, PRINTED AT: SRI LAKSHMI NARASIMHA OFFSET PRINTERS, 7TH CROSS, SRIRAMA NAGAR, TUMKUR, DIST-TUMKUR, KARNATAKA,
